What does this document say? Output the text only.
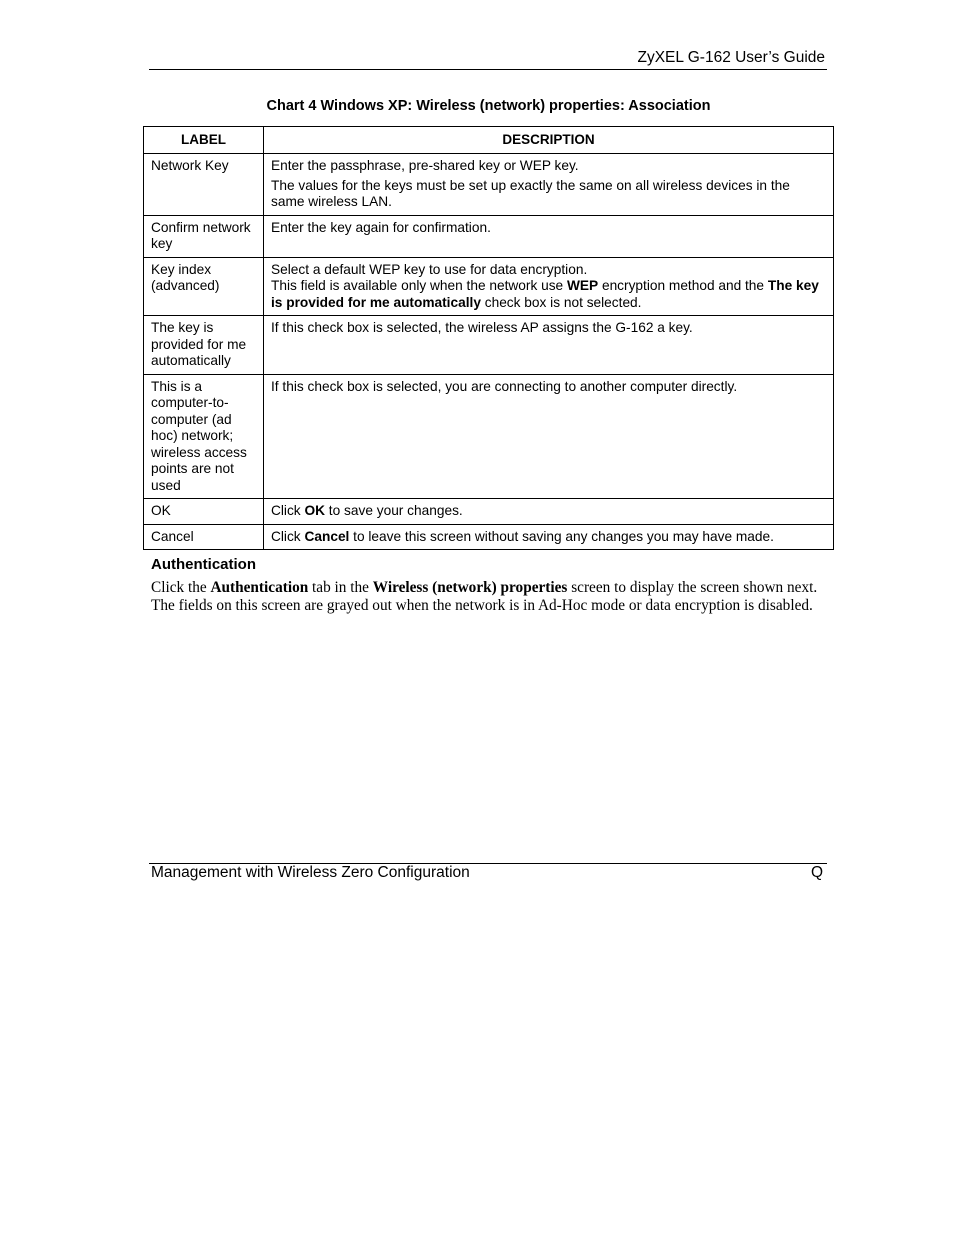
ZyXEL G-162 User’s Guide
Chart 4 Windows XP: Wireless (network) properties: Association
LABEL	DESCRIPTION
Network Key	Enter the passphrase, pre-shared key or WEP key.

The values for the keys must be set up exactly the same on all wireless devices in the same wireless LAN.

Confirm network key	Enter the key again for confirmation.

Key index (advanced)	Select a default WEP key to use for data encryption.

This field is available only when the network use WEP encryption method and the The key is provided for me automatically check box is not selected.

The key is provided for me automatically	If this check box is selected, the wireless AP assigns the G-162 a key.

This is a computer-to-computer (ad hoc) network; wireless access points are not used	If this check box is selected, you are connecting to another computer directly.

OK	Click OK to save your changes.

Cancel	Click Cancel to leave this screen without saving any changes you may have made.

Authentication
Click the Authentication tab in the Wireless (network) properties screen to display the screen shown next. The fields on this screen are grayed out when the network is in Ad-Hoc mode or data encryption is disabled.
Management with Wireless Zero Configuration	Q
